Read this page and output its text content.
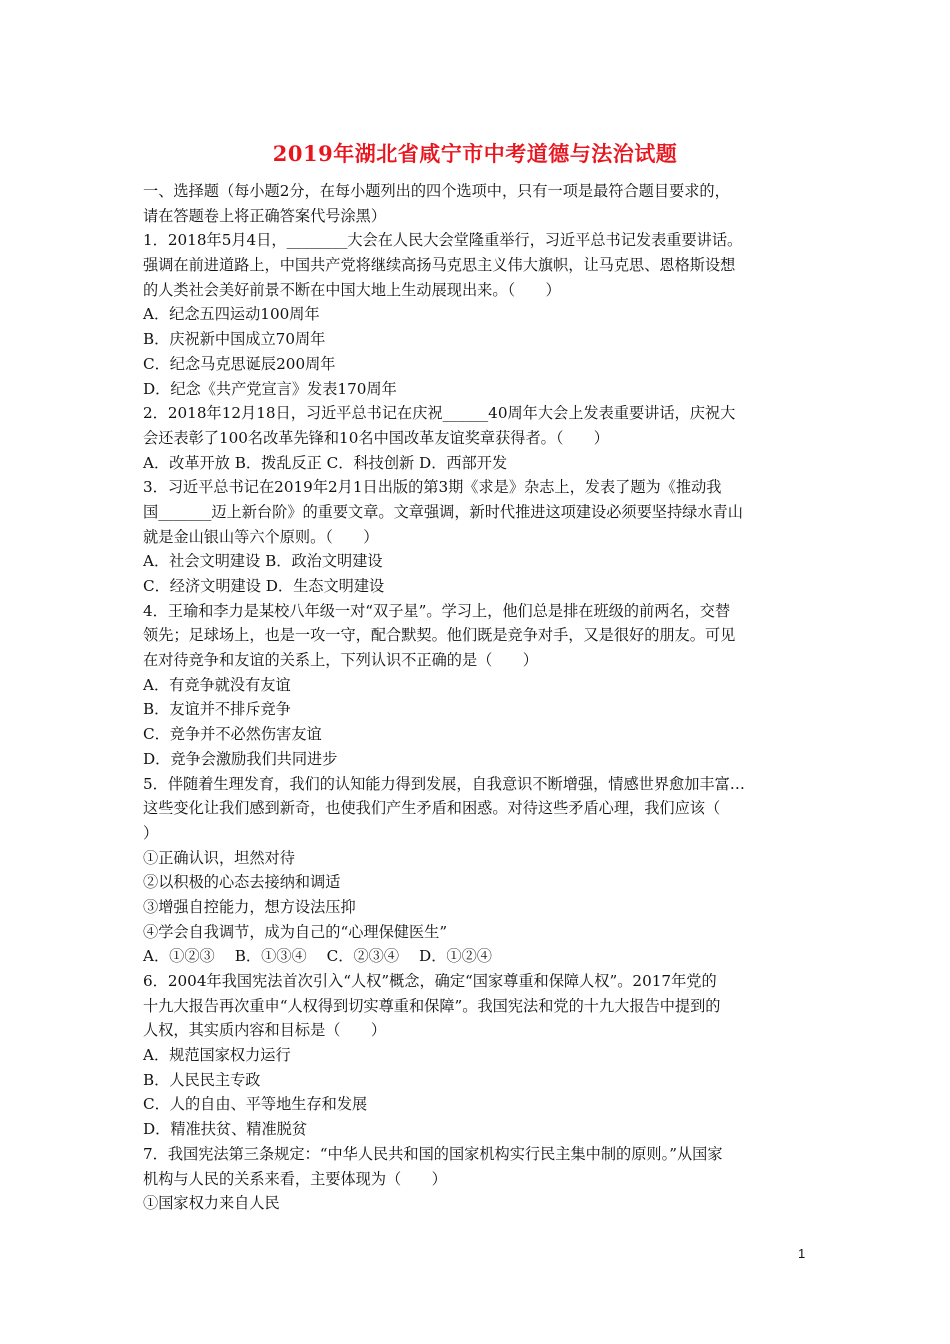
2019年湖北省咸宁市中考道德与法治试题
一、选择题（每小题2分，在每小题列出的四个选项中，只有一项是最符合题目要求的，
请在答题卷上将正确答案代号涂黑）
1．2018年5月4日，________大会在人民大会堂隆重举行，习近平总书记发表重要讲话。
强调在前进道路上，中国共产党将继续高扬马克思主义伟大旗帜，让马克思、恩格斯设想
的人类社会美好前景不断在中国大地上生动展现出来。（　　）
A．纪念五四运动100周年
B．庆祝新中国成立70周年
C．纪念马克思诞辰200周年
D．纪念《共产党宣言》发表170周年
2．2018年12月18日，习近平总书记在庆祝______40周年大会上发表重要讲话，庆祝大
会还表彰了100名改革先锋和10名中国改革友谊奖章获得者。（　　）
A．改革开放 B．拨乱反正 C．科技创新 D．西部开发
3．习近平总书记在2019年2月1日出版的第3期《求是》杂志上，发表了题为《推动我
国_______迈上新台阶》的重要文章。文章强调，新时代推进这项建设必须要坚持绿水青山
就是金山银山等六个原则。（　　）
A．社会文明建设 B．政治文明建设
C．经济文明建设 D．生态文明建设
4．王瑜和李力是某校八年级一对“双子星”。学习上，他们总是排在班级的前两名，交替
领先；足球场上，也是一攻一守，配合默契。他们既是竞争对手，又是很好的朋友。可见
在对待竞争和友谊的关系上，下列认识不正确的是（　　）
A．有竞争就没有友谊
B．友谊并不排斥竞争
C．竞争并不必然伤害友谊
D．竞争会激励我们共同进步
5．伴随着生理发育，我们的认知能力得到发展，自我意识不断增强，情感世界愈加丰富…
这些变化让我们感到新奇，也使我们产生矛盾和困惑。对待这些矛盾心理，我们应该（
）
①正确认识，坦然对待
②以积极的心态去接纳和调适
③增强自控能力，想方设法压抑
④学会自我调节，成为自己的“心理保健医生”
A．①②③　 B．①③④　 C．②③④　 D．①②④
6．2004年我国宪法首次引入“人权”概念，确定“国家尊重和保障人权”。2017年党的
十九大报告再次重申“人权得到切实尊重和保障”。我国宪法和党的十九大报告中提到的
人权，其实质内容和目标是（　　）
A．规范国家权力运行
B．人民民主专政
C．人的自由、平等地生存和发展
D．精准扶贫、精准脱贫
7．我国宪法第三条规定：“中华人民共和国的国家机构实行民主集中制的原则。”从国家
机构与人民的关系来看，主要体现为（　　）
①国家权力来自人民
1
